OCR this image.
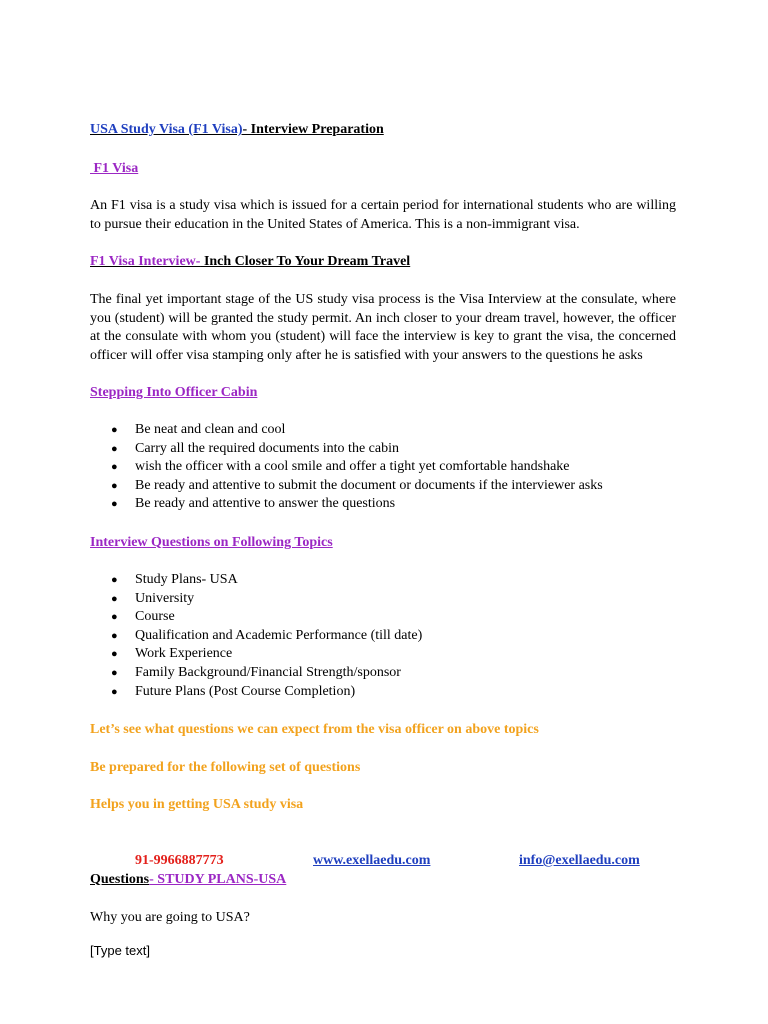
USA Study Visa (F1 Visa)- Interview Preparation
F1 Visa
An F1 visa is a study visa which is issued for a certain period for international students who are willing to pursue their education in the United States of America. This is a non-immigrant visa.
F1 Visa Interview- Inch Closer To Your Dream Travel
The final yet important stage of the US study visa process is the Visa Interview at the consulate, where you (student) will be granted the study permit. An inch closer to your dream travel, however, the officer at the consulate with whom you (student) will face the interview is key to grant the visa, the concerned officer will offer visa stamping only after he is satisfied with your answers to the questions he asks
Stepping Into Officer Cabin
● Be neat and clean and cool
● Carry all the required documents into the cabin
● wish the officer with a cool smile and offer a tight yet comfortable handshake
● Be ready and attentive to submit the document or documents if the interviewer asks
● Be ready and attentive to answer the questions
Interview Questions on Following Topics
● Study Plans- USA
● University
● Course
● Qualification and Academic Performance (till date)
● Work Experience
● Family Background/Financial Strength/sponsor
● Future Plans (Post Course Completion)
Let’s see what questions we can expect from the visa officer on above topics
Be prepared for the following set of questions
Helps you in getting USA study visa
91-9966887773	www.exellaedu.com	info@exellaedu.com
Questions- STUDY PLANS-USA
Why you are going to USA?
[Type text]
